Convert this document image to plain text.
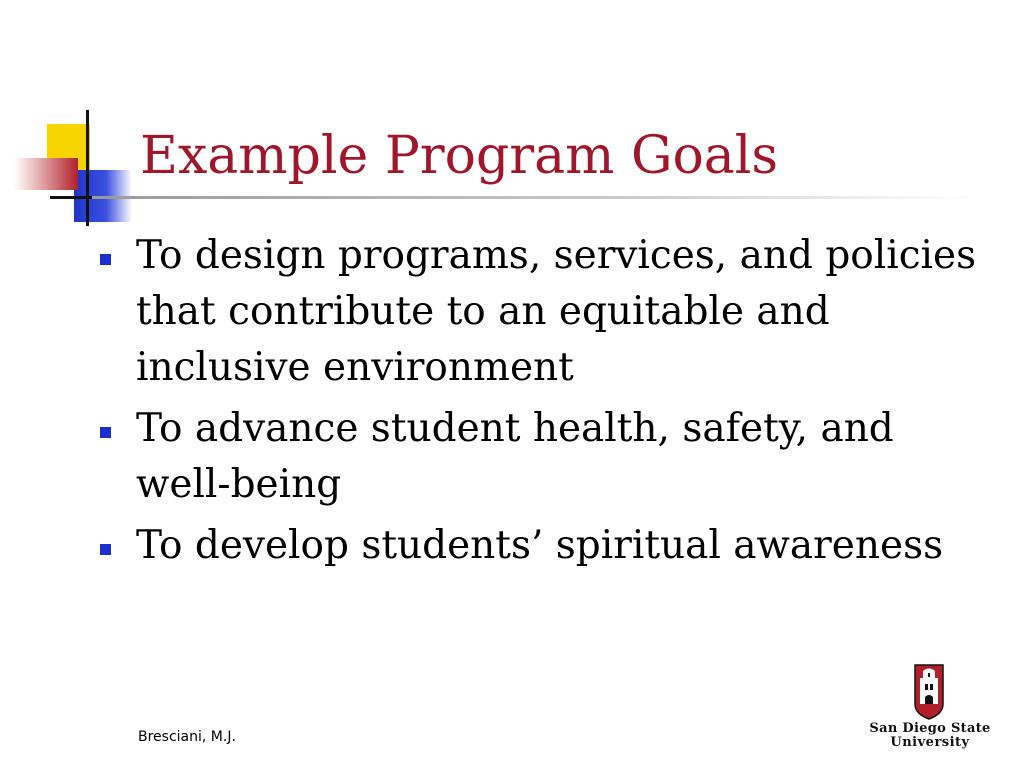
Example Program Goals
To design programs, services, and policies that contribute to an equitable and inclusive environment
To advance student health, safety, and well-being
To develop students’ spiritual awareness
Bresciani, M.J.
San Diego State
University
